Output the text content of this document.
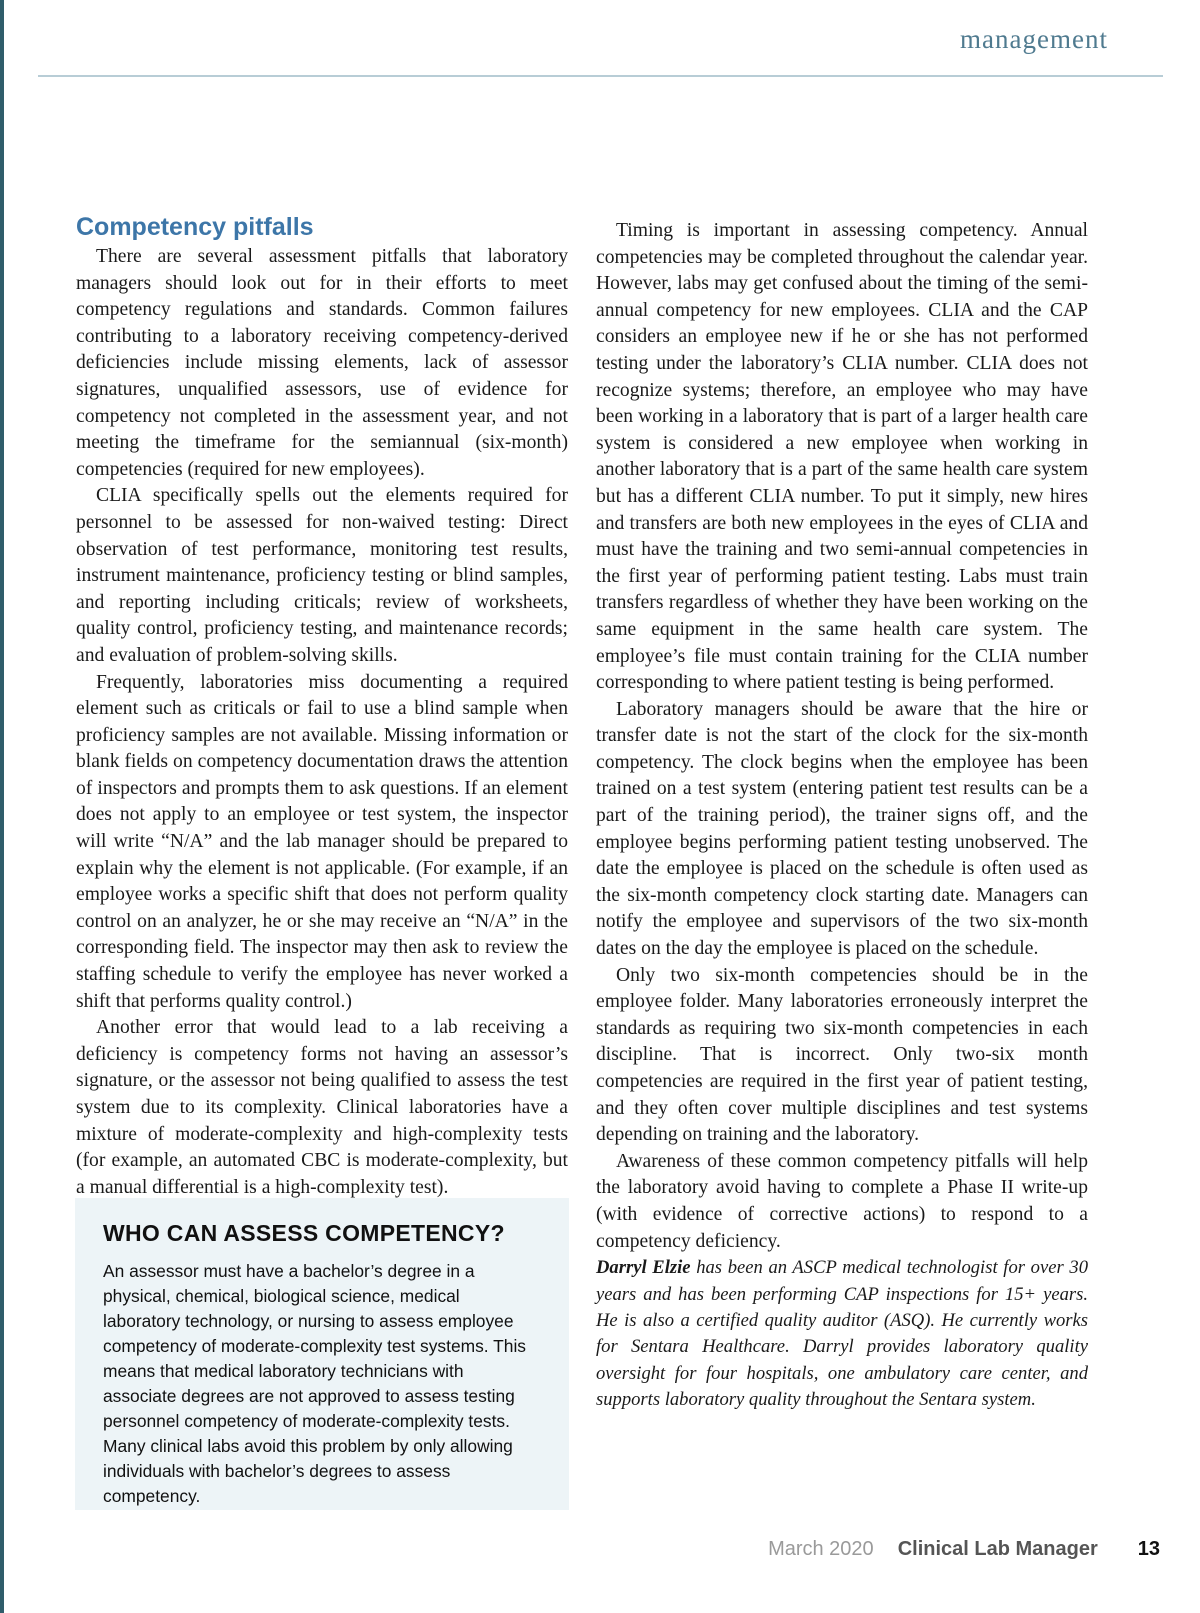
management
Competency pitfalls

There are several assessment pitfalls that laboratory managers should look out for in their efforts to meet competency regulations and standards. Common failures contributing to a laboratory receiving competency-derived deficiencies include missing elements, lack of assessor signatures, unqualified assessors, use of evidence for competency not completed in the assessment year, and not meeting the timeframe for the semiannual (six-month) competencies (required for new employees).

CLIA specifically spells out the elements required for personnel to be assessed for non-waived testing: Direct observation of test performance, monitoring test results, instrument maintenance, proficiency testing or blind samples, and reporting including criticals; review of worksheets, quality control, proficiency testing, and maintenance records; and evaluation of problem-solving skills.

Frequently, laboratories miss documenting a required element such as criticals or fail to use a blind sample when proficiency samples are not available. Missing information or blank fields on competency documentation draws the attention of inspectors and prompts them to ask questions. If an element does not apply to an employee or test system, the inspector will write “N/A” and the lab manager should be prepared to explain why the element is not applicable. (For example, if an employee works a specific shift that does not perform quality control on an analyzer, he or she may receive an “N/A” in the corresponding field. The inspector may then ask to review the staffing schedule to verify the employee has never worked a shift that performs quality control.)

Another error that would lead to a lab receiving a deficiency is competency forms not having an assessor’s signature, or the assessor not being qualified to assess the test system due to its complexity. Clinical laboratories have a mixture of moderate-complexity and high-complexity tests (for example, an automated CBC is moderate-complexity, but a manual differential is a high-complexity test).

WHO CAN ASSESS COMPETENCY?

An assessor must have a bachelor’s degree in a physical, chemical, biological science, medical laboratory technology, or nursing to assess employee competency of moderate-complexity test systems. This means that medical laboratory technicians with associate degrees are not approved to assess testing personnel competency of moderate-complexity tests. Many clinical labs avoid this problem by only allowing individuals with bachelor’s degrees to assess competency.

Timing is important in assessing competency. Annual competencies may be completed throughout the calendar year. However, labs may get confused about the timing of the semi-annual competency for new employees. CLIA and the CAP considers an employee new if he or she has not performed testing under the laboratory’s CLIA number. CLIA does not recognize systems; therefore, an employee who may have been working in a laboratory that is part of a larger health care system is considered a new employee when working in another laboratory that is a part of the same health care system but has a different CLIA number. To put it simply, new hires and transfers are both new employees in the eyes of CLIA and must have the training and two semi-annual competencies in the first year of performing patient testing. Labs must train transfers regardless of whether they have been working on the same equipment in the same health care system. The employee’s file must contain training for the CLIA number corresponding to where patient testing is being performed.

Laboratory managers should be aware that the hire or transfer date is not the start of the clock for the six-month competency. The clock begins when the employee has been trained on a test system (entering patient test results can be a part of the training period), the trainer signs off, and the employee begins performing patient testing unobserved. The date the employee is placed on the schedule is often used as the six-month competency clock starting date. Managers can notify the employee and supervisors of the two six-month dates on the day the employee is placed on the schedule.

Only two six-month competencies should be in the employee folder. Many laboratories erroneously interpret the standards as requiring two six-month competencies in each discipline. That is incorrect. Only two-six month competencies are required in the first year of patient testing, and they often cover multiple disciplines and test systems depending on training and the laboratory.

Awareness of these common competency pitfalls will help the laboratory avoid having to complete a Phase II write-up (with evidence of corrective actions) to respond to a competency deficiency.

Darryl Elzie has been an ASCP medical technologist for over 30 years and has been performing CAP inspections for 15+ years. He is also a certified quality auditor (ASQ). He currently works for Sentara Healthcare. Darryl provides laboratory quality oversight for four hospitals, one ambulatory care center, and supports laboratory quality throughout the Sentara system.

March 2020 Clinical Lab Manager 13
